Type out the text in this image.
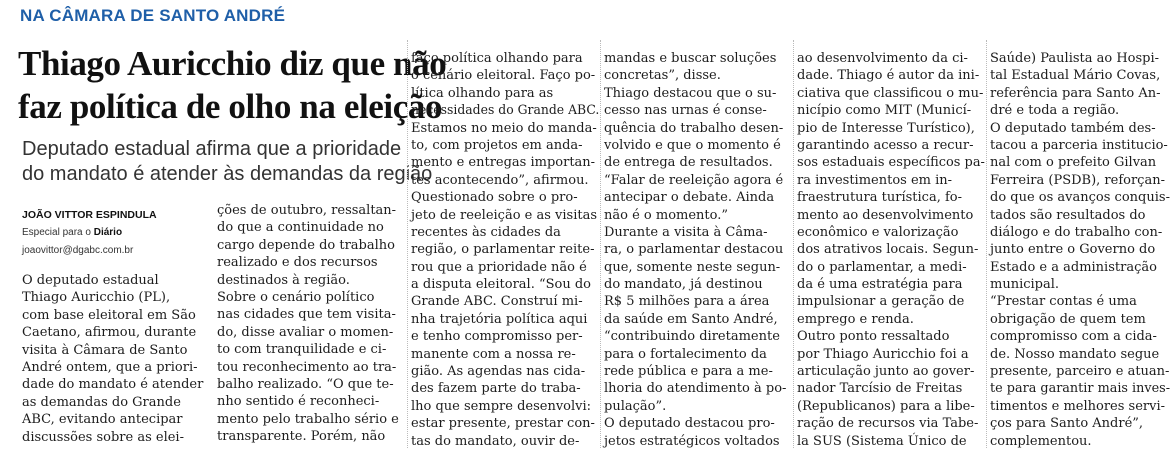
NA CÂMARA DE SANTO ANDRÉ
Thiago Auricchio diz que não
faz política de olho na eleição

Deputado estadual afirma que a prioridade
do mandato é atender às demandas da região

JOÃO VITTOR ESPINDULA
Especial para o Diário
joaovittor@dgabc.com.br
O deputado estadual
Thiago Auricchio (PL),
com base eleitoral em São
Caetano, afirmou, durante
visita à Câmara de Santo
André ontem, que a priori-
dade do mandato é atender
as demandas do Grande
ABC, evitando antecipar
discussões sobre as elei-
ções de outubro, ressaltan-
do que a continuidade no
cargo depende do trabalho
realizado e dos recursos
destinados à região.
Sobre o cenário político
nas cidades que tem visita-
do, disse avaliar o momen-
to com tranquilidade e ci-
tou reconhecimento ao tra-
balho realizado. “O que te-
nho sentido é reconheci-
mento pelo trabalho sério e
transparente. Porém, não
faço política olhando para
o cenário eleitoral. Faço po-
lítica olhando para as
necessidades do Grande ABC.
Estamos no meio do manda-
to, com projetos em anda-
mento e entregas importan-
tes acontecendo”, afirmou.
Questionado sobre o pro-
jeto de reeleição e as visitas
recentes às cidades da
região, o parlamentar reite-
rou que a prioridade não é
a disputa eleitoral. “Sou do
Grande ABC. Construí mi-
nha trajetória política aqui
e tenho compromisso per-
manente com a nossa re-
gião. As agendas nas cida-
des fazem parte do traba-
lho que sempre desenvolvi:
estar presente, prestar con-
tas do mandato, ouvir de-
mandas e buscar soluções
concretas”, disse.
Thiago destacou que o su-
cesso nas urnas é conse-
quência do trabalho desen-
volvido e que o momento é
de entrega de resultados.
“Falar de reeleição agora é
antecipar o debate. Ainda
não é o momento.”
Durante a visita à Câma-
ra, o parlamentar destacou
que, somente neste segun-
do mandato, já destinou
R$ 5 milhões para a área
da saúde em Santo André,
“contribuindo diretamente
para o fortalecimento da
rede pública e para a me-
lhoria do atendimento à po-
pulação”.
O deputado destacou pro-
jetos estratégicos voltados
ao desenvolvimento da ci-
dade. Thiago é autor da ini-
ciativa que classificou o mu-
nicípio como MIT (Municí-
pio de Interesse Turístico),
garantindo acesso a recur-
sos estaduais específicos pa-
ra investimentos em in-
fraestrutura turística, fo-
mento ao desenvolvimento
econômico e valorização
dos atrativos locais. Segun-
do o parlamentar, a medi-
da é uma estratégia para
impulsionar a geração de
emprego e renda.
Outro ponto ressaltado
por Thiago Auricchio foi a
articulação junto ao gover-
nador Tarcísio de Freitas
(Republicanos) para a libe-
ração de recursos via Tabe-
la SUS (Sistema Único de
Saúde) Paulista ao Hospi-
tal Estadual Mário Covas,
referência para Santo An-
dré e toda a região.
O deputado também des-
tacou a parceria institucio-
nal com o prefeito Gilvan
Ferreira (PSDB), reforçan-
do que os avanços conquis-
tados são resultados do
diálogo e do trabalho con-
junto entre o Governo do
Estado e a administração
municipal.
“Prestar contas é uma
obrigação de quem tem
compromisso com a cida-
de. Nosso mandato segue
presente, parceiro e atuan-
te para garantir mais inves-
timentos e melhores servi-
ços para Santo André”,
complementou.
